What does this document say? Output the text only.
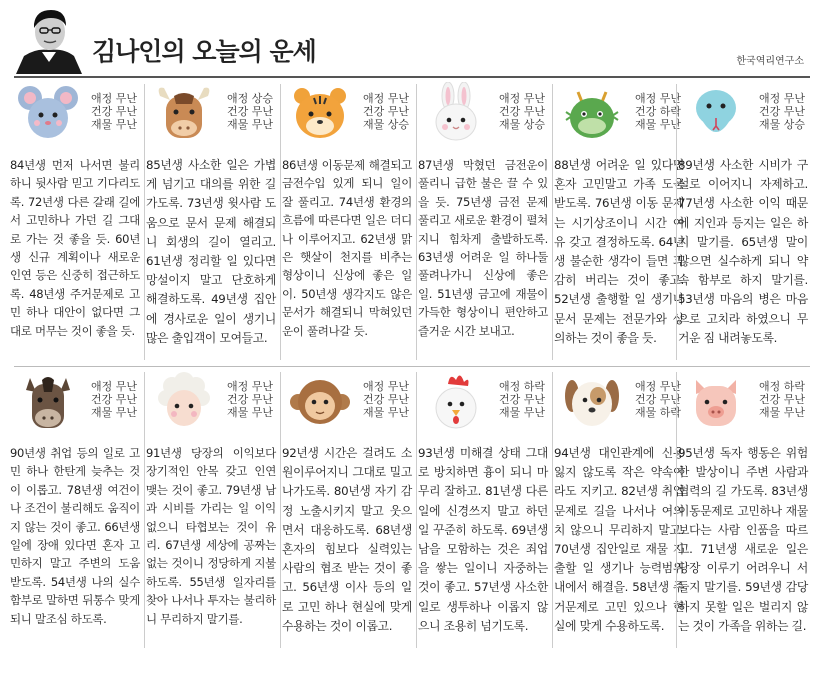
김나인의 오늘의 운세	한국역리연구소
애정 무난
건강 무난
재물 무난
84년생 먼저 나서면 불리하니 뒷사람 믿고 기다리도록. 72년생 다른 갈래 길에서 고민하나 가던 길 그대로 가는 것 좋을 듯. 60년생 신규 계획이나 새로운 인연 등은 신중히 접근하도록. 48년생 주거문제로 고민 하나 대안이 없다면 그대로 머무는 것이 좋을 듯.
애정 상승
건강 무난
재물 무난
85년생 사소한 일은 가볍게 넘기고 대의를 위한 길 가도록. 73년생 윗사람 도움으로 문서 문제 해결되니 회생의 길이 열리고. 61년생 정리할 일 있다면 망설이지 말고 단호하게 해결하도록. 49년생 집안에 경사로운 일이 생기니 많은 출입객이 모여들고.
애정 무난
건강 무난
재물 상승
86년생 이동문제 해결되고 금전수입 있게 되니 일이 잘 풀리고. 74년생 환경의 흐름에 따른다면 일은 더디나 이루어지고. 62년생 맑은 햇살이 천지를 비추는 형상이니 신상에 좋은 일이. 50년생 생각지도 않은 문서가 해결되니 막혀있던 운이 풀려나갈 듯.
애정 무난
건강 무난
재물 상승
87년생 막혔던 금전운이 풀리니 급한 불은 끌 수 있을 듯. 75년생 금전 문제 풀리고 새로운 환경이 펼쳐지니 힘차게 출발하도록. 63년생 어려운 일 하나둘 풀려나가니 신상에 좋은 일. 51년생 금고에 재물이 가득한 형상이니 편안하고 즐거운 시간 보내고.
애정 무난
건강 하락
재물 무난
88년생 어려운 일 있다면 혼자 고민말고 가족 도움받도록. 76년생 이동 문제는 시기상조이니 시간 여유 갖고 결정하도록. 64년생 불순한 생각이 들면 과감히 버리는 것이 좋고. 52년생 출행할 일 생기나 문서 문제는 전문가와 상의하는 것이 좋을 듯.
애정 무난
건강 무난
재물 상승
89년생 사소한 시비가 구설로 이어지니 자제하고. 77년생 사소한 이익 때문에 지인과 등지는 일은 하지 말기를. 65년생 말이 많으면 실수하게 되니 약속 함부로 하지 말기를. 53년생 마음의 병은 마음으로 고치라 하였으니 무거운 짐 내려놓도록.
애정 무난
건강 무난
재물 무난
90년생 취업 등의 일로 고민 하나 한탄게 늦추는 것이 이롭고. 78년생 여건이나 조건이 불리해도 움직이지 않는 것이 좋고. 66년생 일에 장애 있다면 혼자 고민하지 말고 주변의 도움 받도록. 54년생 나의 실수 함부로 말하면 뒤통수 맞게 되니 말조심 하도록.
애정 무난
건강 무난
재물 무난
91년생 당장의 이익보다 장기적인 안목 갖고 인연 맺는 것이 좋고. 79년생 남과 시비를 가리는 일 이익 없으니 타협보는 것이 유리. 67년생 세상에 공짜는 없는 것이니 정당하게 지불하도록. 55년생 일자리를 찾아 나서나 투자는 불리하니 무리하지 말기를.
애정 무난
건강 무난
재물 무난
92년생 시간은 걸려도 소원이루어지니 그대로 밀고 나가도록. 80년생 자기 감정 노출시키지 말고 웃으면서 대응하도록. 68년생 혼자의 힘보다 실력있는 사람의 협조 받는 것이 좋고. 56년생 이사 등의 일로 고민 하나 현실에 맞게 수용하는 것이 이롭고.
애정 하락
건강 무난
재물 무난
93년생 미해결 상태 그대로 방치하면 흉이 되니 마무리 잘하고. 81년생 다른 일에 신경쓰지 말고 하던 일 꾸준히 하도록. 69년생 남을 모함하는 것은 죄업을 쌓는 일이니 자중하는 것이 좋고. 57년생 사소한 일로 생투하나 이롭지 않으니 조용히 넘기도록.
애정 무난
건강 무난
재물 하락
94년생 대인관계에 신용잃지 않도록 작은 약속이라도 지키고. 82년생 취업문제로 길을 나서나 여의치 않으니 무리하지 말고. 70년생 집안일로 재물 지출할 일 생기나 능력범위 내에서 해결을. 58년생 주거문제로 고민 있으나 현실에 맞게 수용하도록.
애정 하락
건강 무난
재물 무난
95년생 독자 행동은 위험한 발상이니 주변 사람과 협력의 길 가도록. 83년생 이동문제로 고민하나 재물보다는 사람 인품을 따르고. 71년생 새로운 일은 당장 이루기 어려우니 서둘지 말기를. 59년생 감당하지 못할 일은 벌리지 않는 것이 가족을 위하는 길.
